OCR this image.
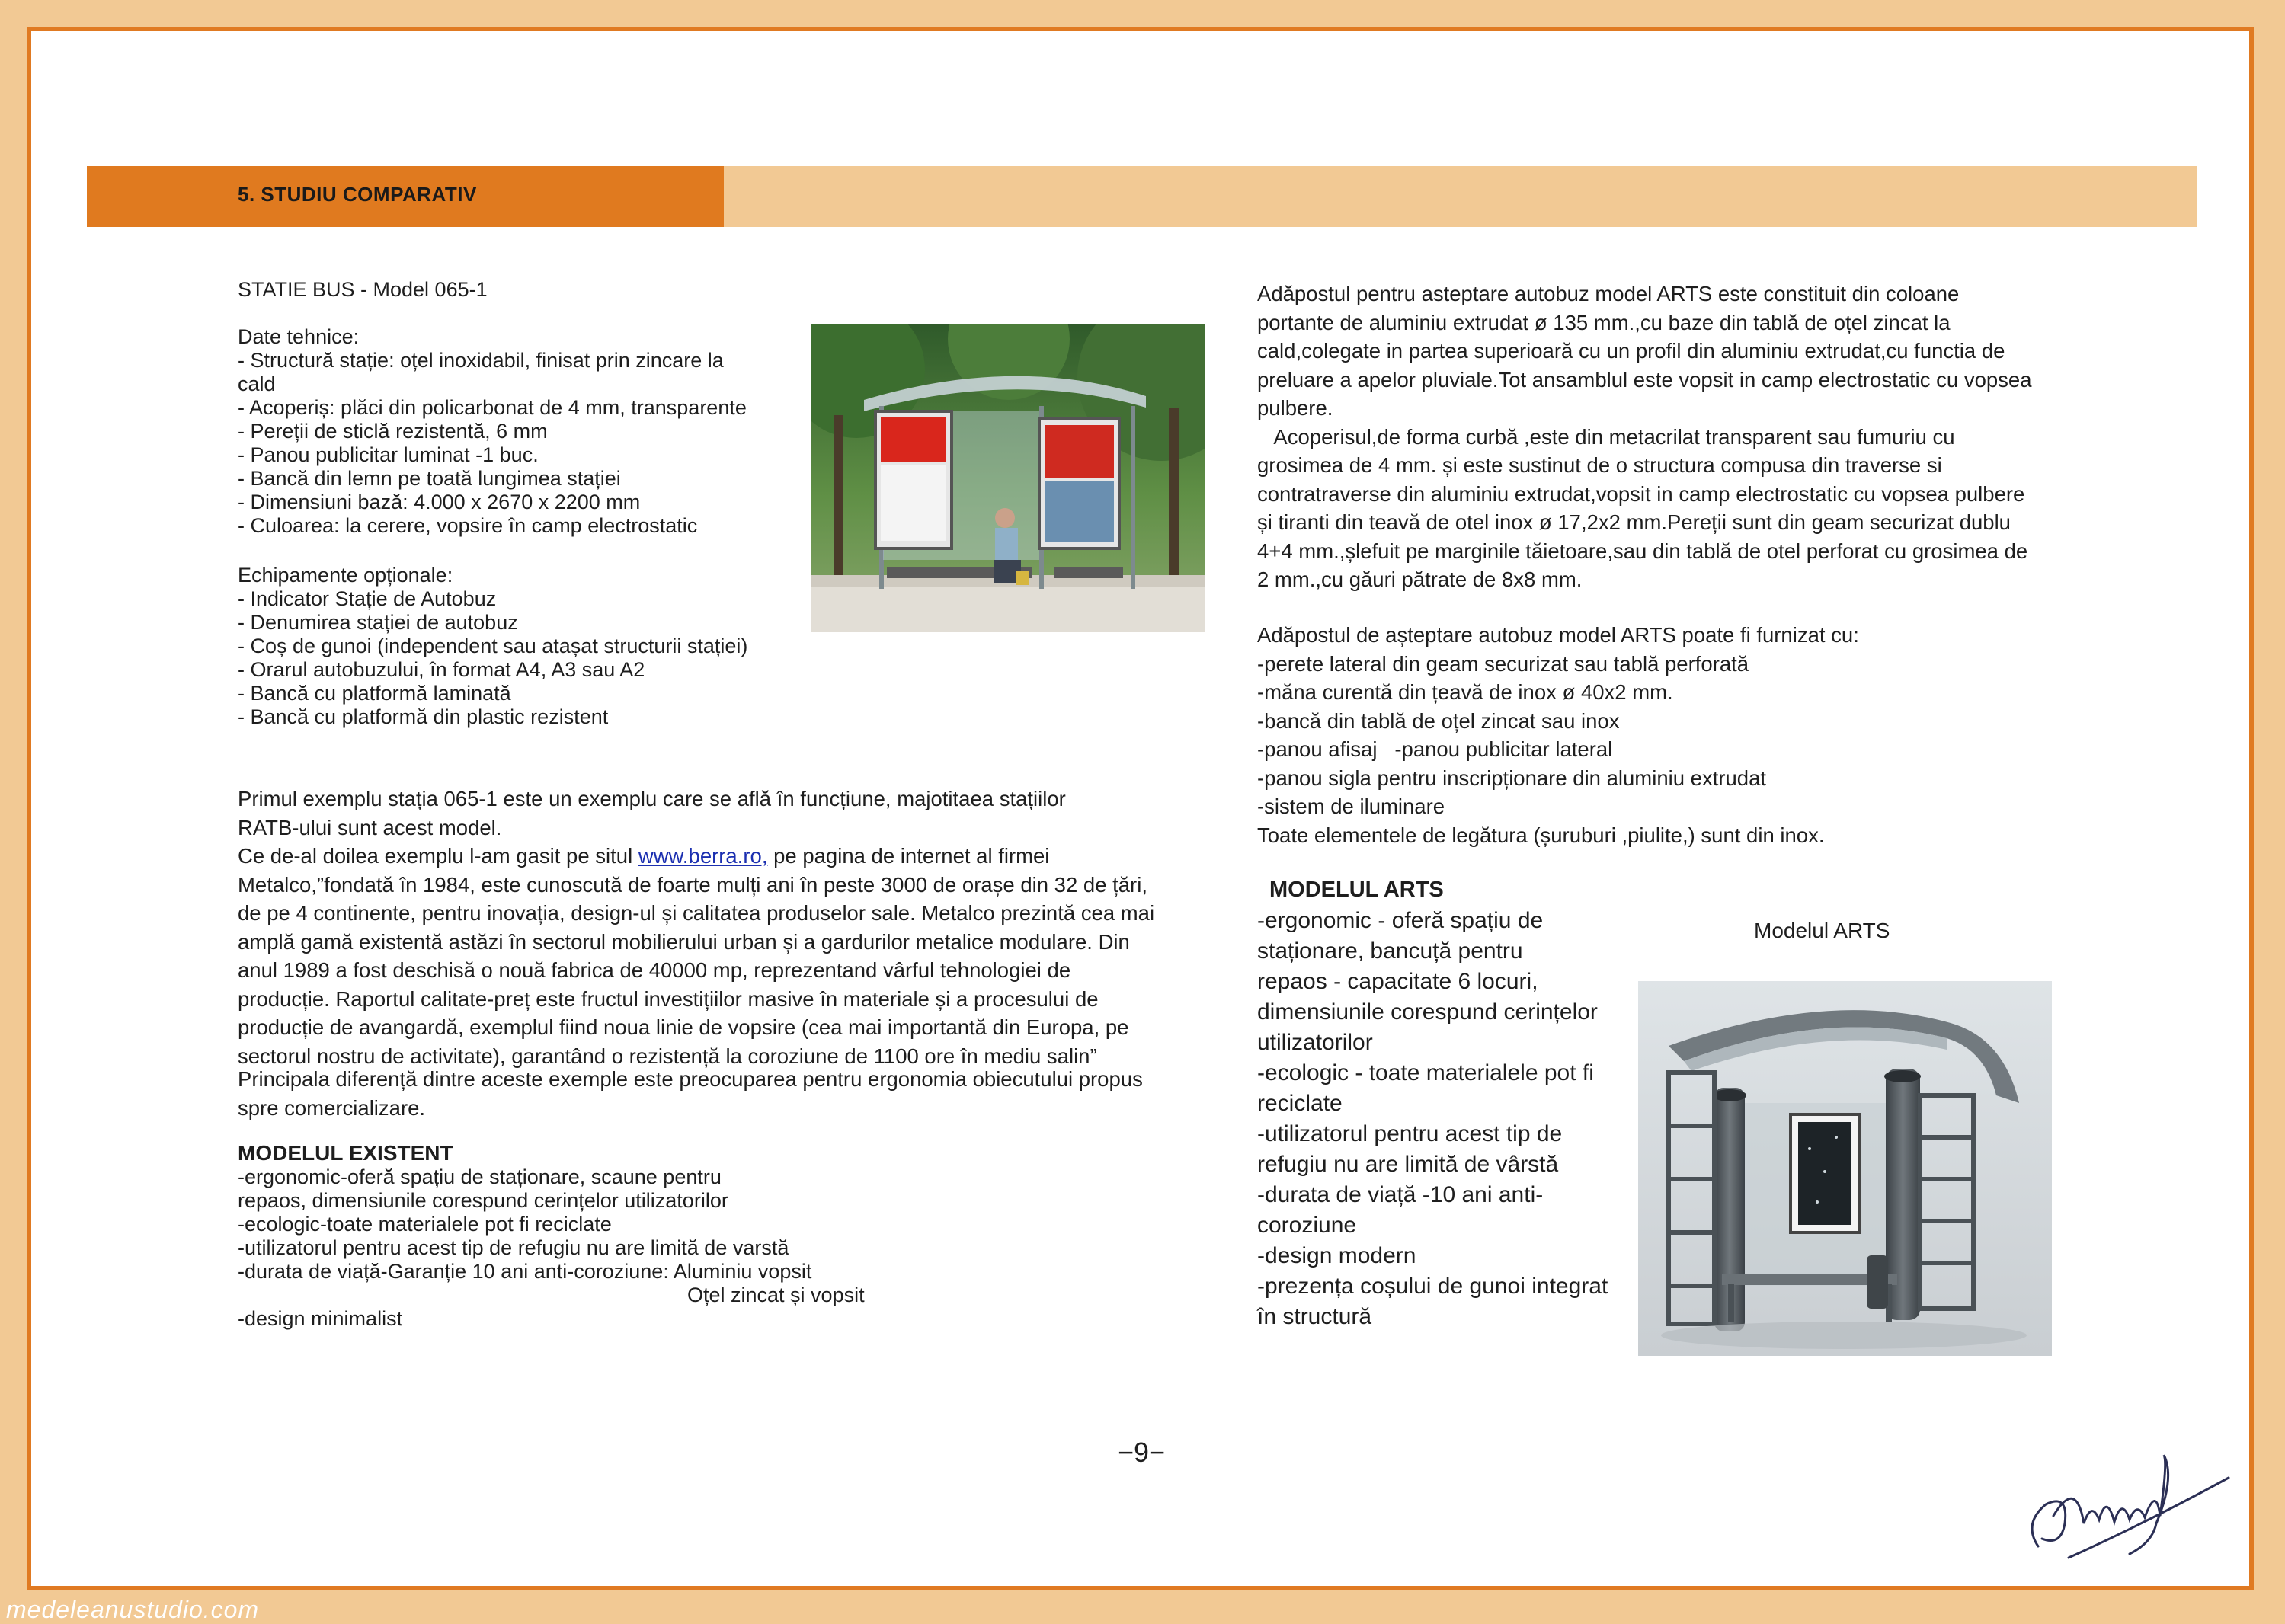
5. STUDIU COMPARATIV
STATIE BUS - Model 065-1
Date tehnice:
- Structură stație: oțel inoxidabil, finisat prin zincare la
cald
- Acoperiș: plăci din policarbonat de 4 mm, transparente
- Pereții de sticlă rezistentă, 6 mm
- Panou publicitar luminat -1 buc.
- Bancă din lemn pe toată lungimea stației
- Dimensiuni bază: 4.000 x 2670 x 2200 mm
- Culoarea: la cerere, vopsire în camp electrostatic
Echipamente opționale:
- Indicator Stație de Autobuz
- Denumirea stației de autobuz
- Coș de gunoi (independent sau atașat structurii stației)
- Orarul autobuzului, în format A4, A3 sau A2
- Bancă cu platformă laminată
- Bancă cu platformă din plastic rezistent
Primul exemplu stația 065-1 este un exemplu care se află în funcțiune, majotitaea stațiilor
RATB-ului sunt acest model.
Ce de-al doilea exemplu l-am gasit pe situl www.berra.ro, pe pagina de internet al firmei
Metalco,”fondată în 1984, este cunoscută de foarte mulți ani în peste 3000 de orașe din 32 de țări,
de pe 4 continente, pentru inovația, design-ul și calitatea produselor sale. Metalco prezintă cea mai
amplă gamă existentă astăzi în sectorul mobilierului urban și a gardurilor metalice modulare. Din
anul 1989 a fost deschisă o nouă fabrica de 40000 mp, reprezentand vârful tehnologiei de
producție. Raportul calitate-preț este fructul investițiilor masive în materiale și a procesului de
producție de avangardă, exemplul fiind noua linie de vopsire (cea mai importantă din Europa, pe
sectorul nostru de activitate), garantând o rezistență la coroziune de 1100 ore în mediu salin”
Principala diferență dintre aceste exemple este preocuparea pentru ergonomia obiecutului propus
spre comercializare.
MODELUL EXISTENT
-ergonomic-oferă spațiu de staționare, scaune pentru
repaos, dimensiunile corespund cerințelor utilizatorilor
-ecologic-toate materialele pot fi reciclate
-utilizatorul pentru acest tip de refugiu nu are limită de varstă
-durata de viață-Garanție 10 ani anti-coroziune: Aluminiu vopsit
Oțel zincat și vopsit
-design minimalist
Adăpostul pentru asteptare autobuz model ARTS este constituit din coloane
portante de aluminiu extrudat ø 135 mm.,cu baze din tablă de oțel zincat la
cald,colegate in partea superioară cu un profil din aluminiu extrudat,cu functia de
preluare a apelor pluviale.Tot ansamblul este vopsit in camp electrostatic cu vopsea
pulbere.
Acoperisul,de forma curbă ,este din metacrilat transparent sau fumuriu cu
grosimea de 4 mm. și este sustinut de o structura compusa din traverse si
contratraverse din aluminiu extrudat,vopsit in camp electrostatic cu vopsea pulbere
și tiranti din teavă de otel inox ø 17,2x2 mm.Pereții sunt din geam securizat dublu
4+4 mm.,șlefuit pe marginile tăietoare,sau din tablă de otel perforat cu grosimea de
2 mm.,cu găuri pătrate de 8x8 mm.
Adăpostul de așteptare autobuz model ARTS poate fi furnizat cu:
-perete lateral din geam securizat sau tablă perforată
-măna curentă din țeavă de inox ø 40x2 mm.
-bancă din tablă de oțel zincat sau inox
-panou afisaj   -panou publicitar lateral
-panou sigla pentru inscripționare din aluminiu extrudat
-sistem de iluminare
Toate elementele de legătura (șuruburi ,piulite,) sunt din inox.
MODELUL ARTS
-ergonomic - oferă spațiu de
staționare, bancuță pentru
repaos - capacitate 6 locuri,
dimensiunile corespund cerințelor
utilizatorilor
-ecologic - toate materialele pot fi
reciclate
-utilizatorul pentru acest tip de
refugiu nu are limită de vârstă
-durata de viață -10 ani anti-
coroziune
-design modern
-prezența coșului de gunoi integrat
în structură
Modelul ARTS
−9−
medeleanustudio.com
